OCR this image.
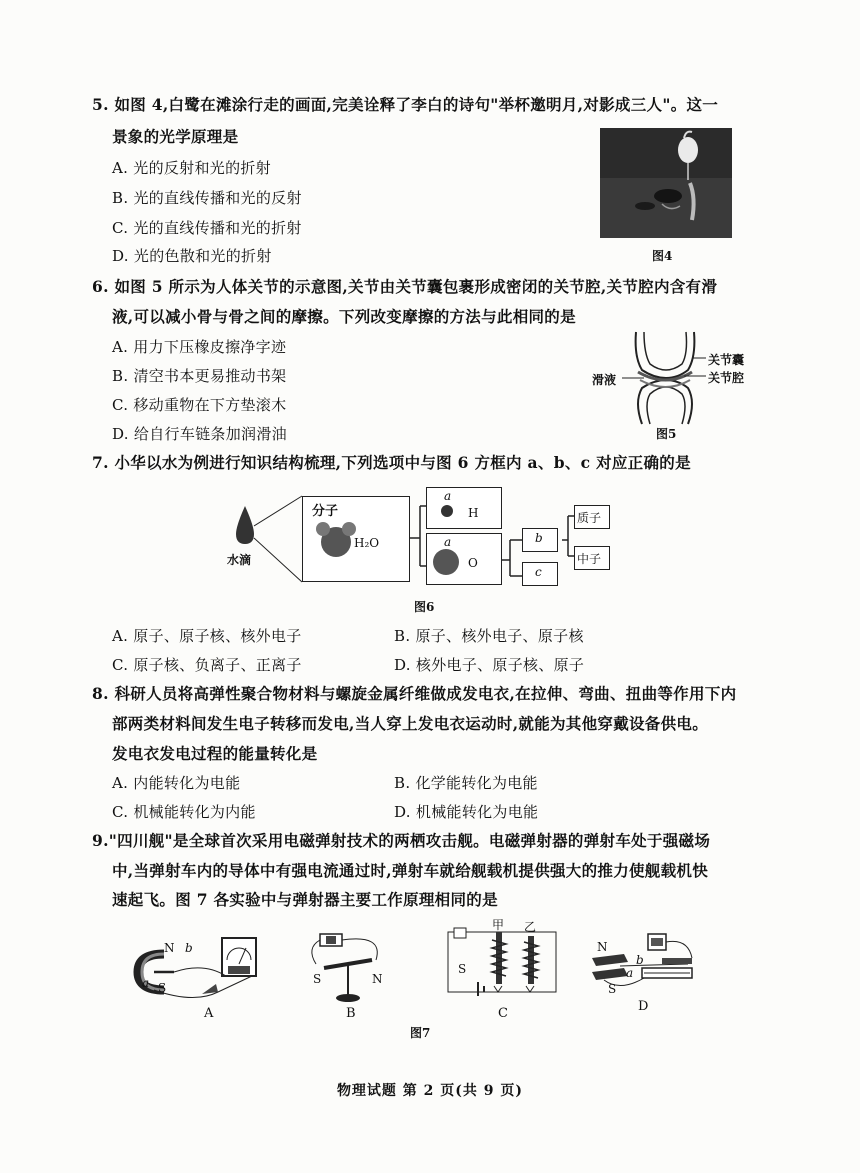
5. 如图 4,白鹭在滩涂行走的画面,完美诠释了李白的诗句"举杯邀明月,对影成三人"。这一
景象的光学原理是
A. 光的反射和光的折射
B. 光的直线传播和光的反射
C. 光的直线传播和光的折射
D. 光的色散和光的折射	图4
6. 如图 5 所示为人体关节的示意图,关节由关节囊包裹形成密闭的关节腔,关节腔内含有滑
液,可以减小骨与骨之间的摩擦。下列改变摩擦的方法与此相同的是
A. 用力下压橡皮擦净字迹
B. 清空书本更易推动书架
C. 移动重物在下方垫滚木
D. 给自行车链条加润滑油
关节囊
关节腔
滑液
图5
7. 小华以水为例进行知识结构梳理,下列选项中与图 6 方框内 a、b、c 对应正确的是
水滴
分子
H₂O
a
H
a
O
b
c
质子
中子
图6
A. 原子、原子核、核外电子	B. 原子、核外电子、原子核
C. 原子核、负离子、正离子	D. 核外电子、原子核、原子
8. 科研人员将高弹性聚合物材料与螺旋金属纤维做成发电衣,在拉伸、弯曲、扭曲等作用下内
部两类材料间发生电子转移而发电,当人穿上发电衣运动时,就能为其他穿戴设备供电。
发电衣发电过程的能量转化是
A. 内能转化为电能	B. 化学能转化为电能
C. 机械能转化为内能	D. 机械能转化为电能
9."四川舰"是全球首次采用电磁弹射技术的两栖攻击舰。电磁弹射器的弹射车处于强磁场
中,当弹射车内的导体中有强电流通过时,弹射车就给舰载机提供强大的推力使舰载机快
速起飞。图 7 各实验中与弹射器主要工作原理相同的是
N b
a S
A
S	N
B
甲 乙
S
C
N
b
a
S
D
图7
物理试题 第 2 页(共 9 页)
